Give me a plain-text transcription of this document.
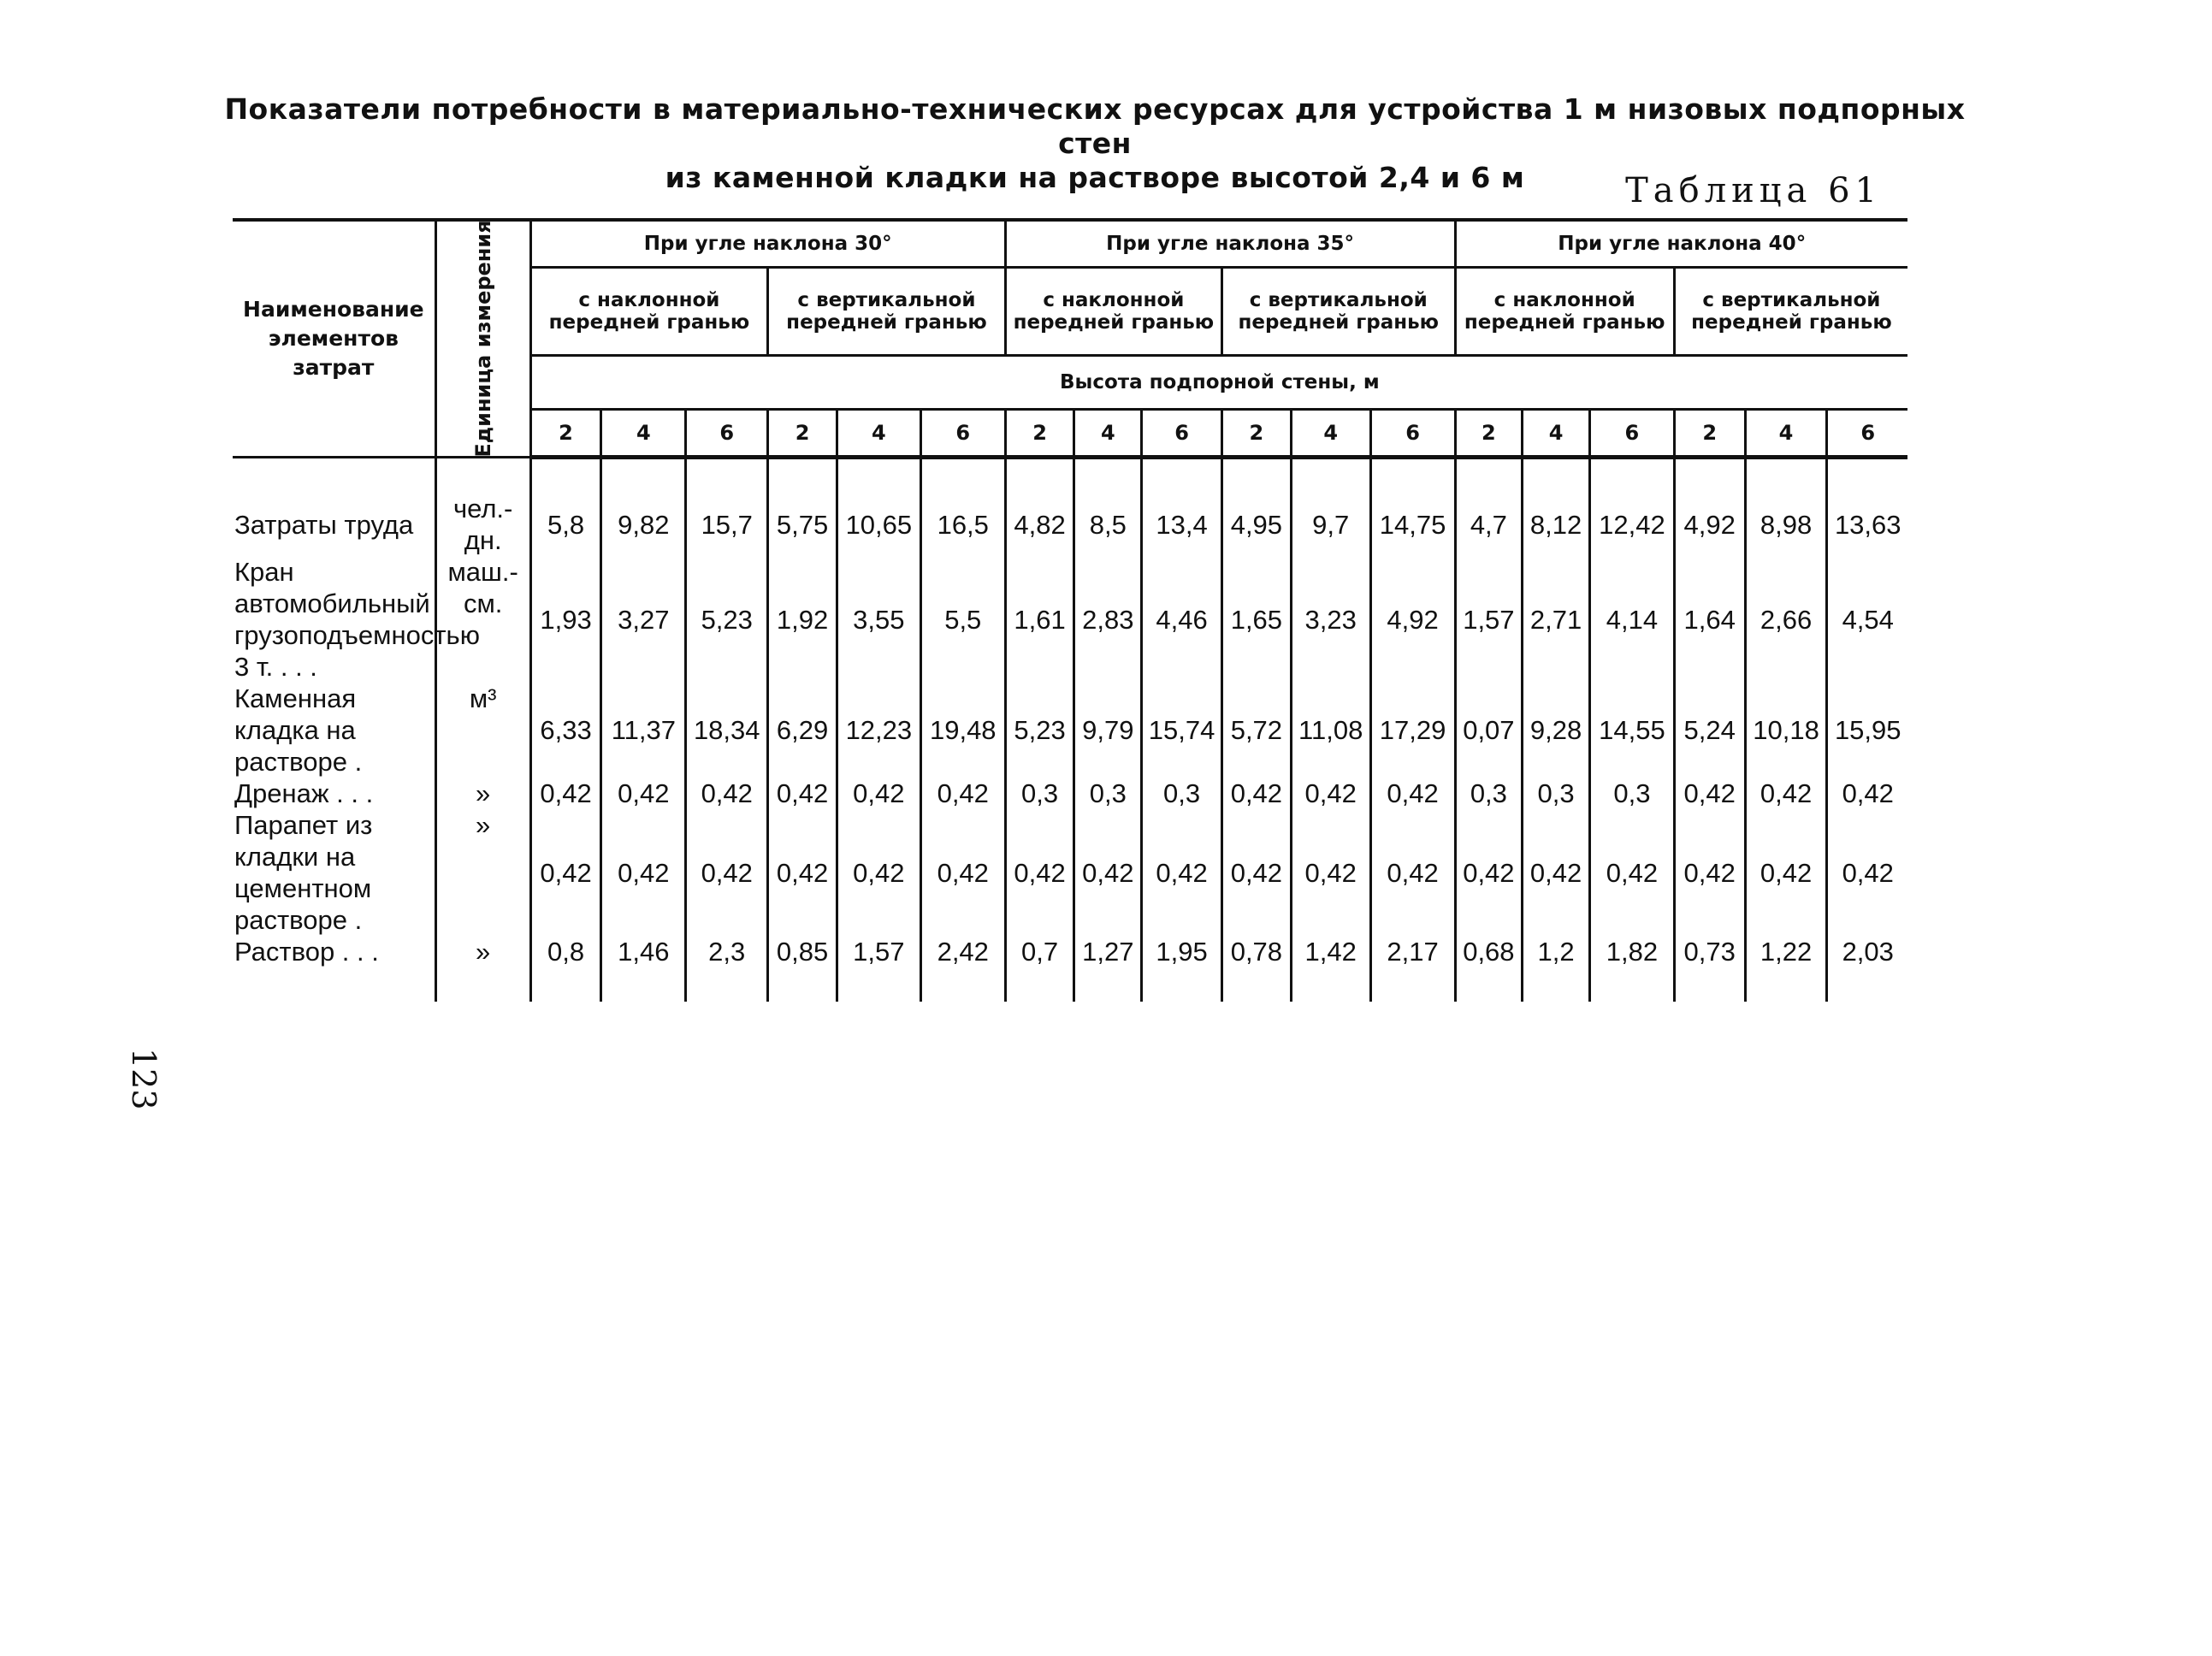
Показатели потребности в материально-технических ресурсах для устройства 1 м низовых подпорных стен
из каменной кладки на растворе высотой 2,4 и 6 м	Таблица 61
Наименование элементов затрат	Единица измерения	При угле наклона 30°						При угле наклона 35°						При угле наклона 40°					
		с наклонной передней гранью			с вертикальной передней гранью			с наклонной передней гранью			с вертикальной передней гранью			с наклонной передней гранью			с вертикальной передней гранью		
		Высота подпорной стены, м																	
		2	4	6	2	4	6	2	4	6	2	4	6	2	4	6	2	4	6
Затраты труда	чел.-дн.	5,8	9,82	15,7	5,75	10,65	16,5	4,82	8,5	13,4	4,95	9,7	14,75	4,7	8,12	12,42	4,92	8,98	13,63
Кран автомобильный грузоподъемностью 3 т. . . .	маш.-см.	1,93	3,27	5,23	1,92	3,55	5,5	1,61	2,83	4,46	1,65	3,23	4,92	1,57	2,71	4,14	1,64	2,66	4,54
Каменная кладка на растворе .	м³	6,33	11,37	18,34	6,29	12,23	19,48	5,23	9,79	15,74	5,72	11,08	17,29	0,07	9,28	14,55	5,24	10,18	15,95
Дренаж . . .	»	0,42	0,42	0,42	0,42	0,42	0,42	0,3	0,3	0,3	0,42	0,42	0,42	0,3	0,3	0,3	0,42	0,42	0,42
Парапет из кладки на цементном растворе .	»	0,42	0,42	0,42	0,42	0,42	0,42	0,42	0,42	0,42	0,42	0,42	0,42	0,42	0,42	0,42	0,42	0,42	0,42
Раствор . . .	»	0,8	1,46	2,3	0,85	1,57	2,42	0,7	1,27	1,95	0,78	1,42	2,17	0,68	1,2	1,82	0,73	1,22	2,03

123
